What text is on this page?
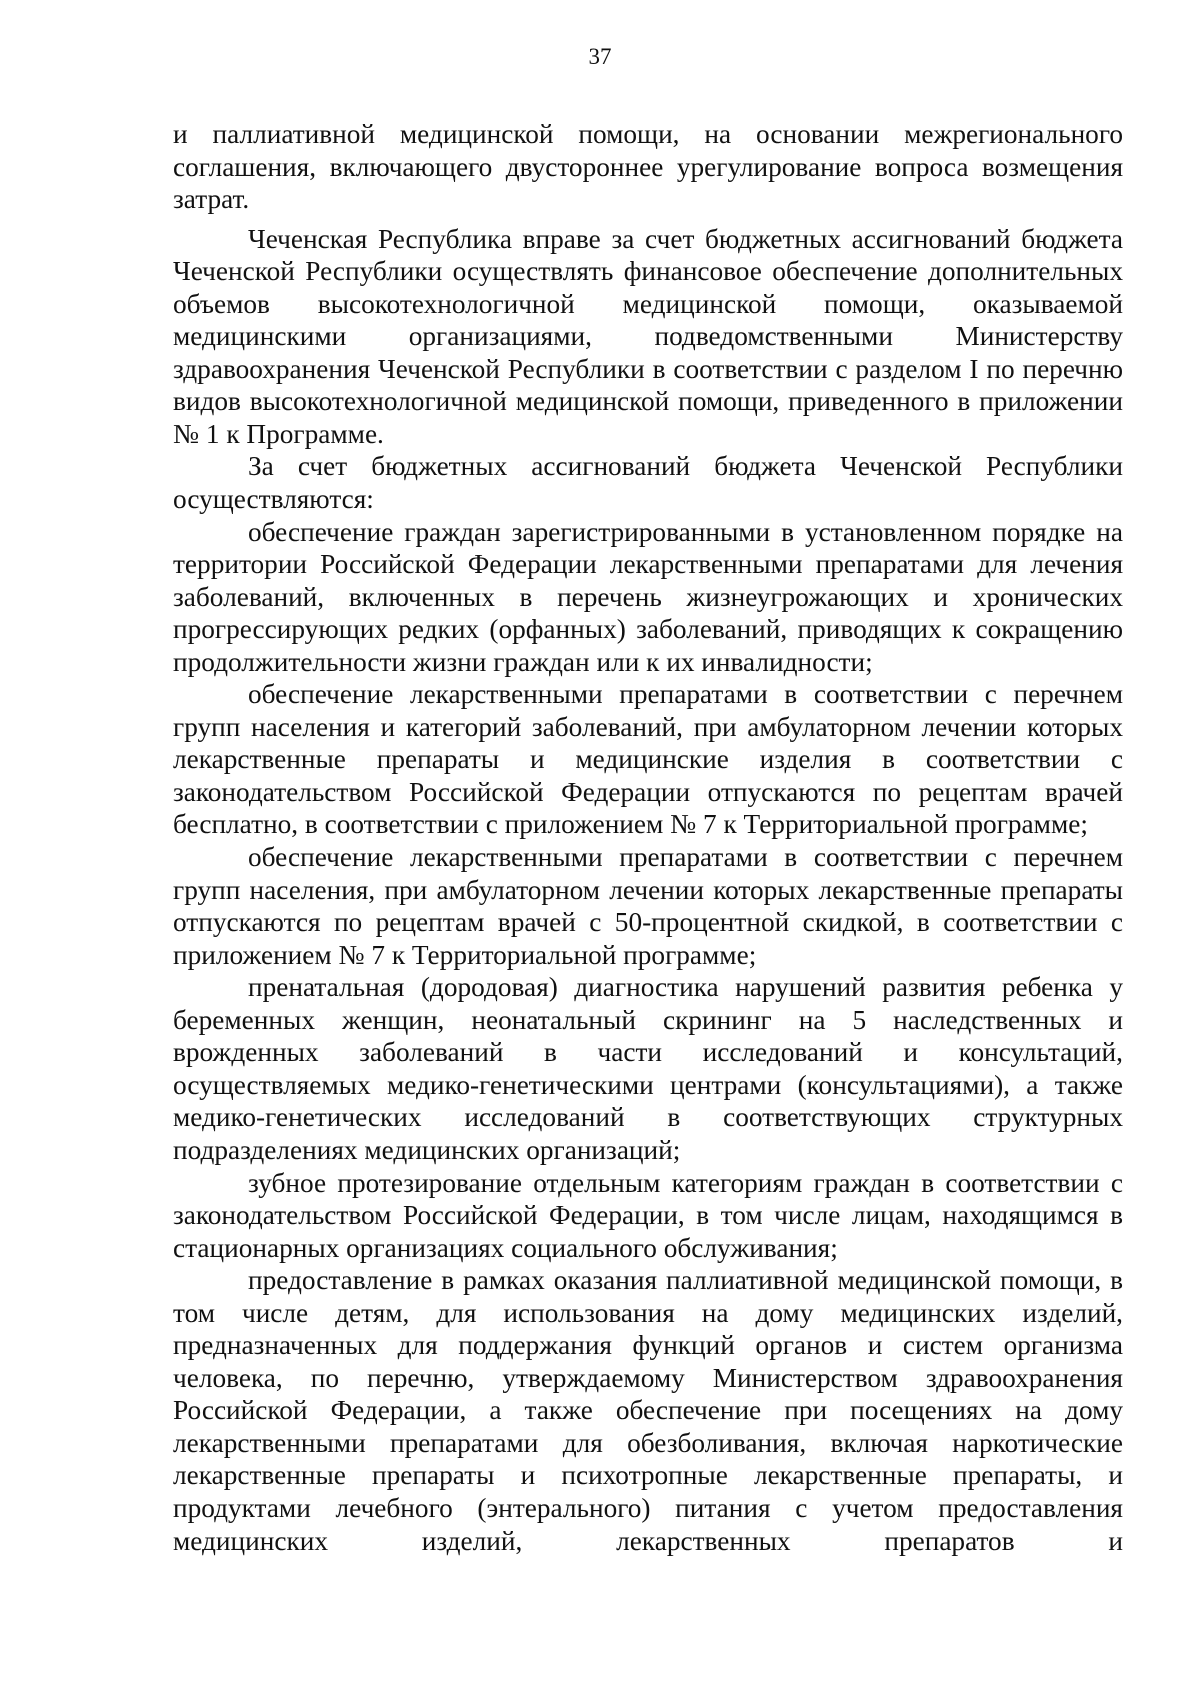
37

и паллиативной медицинской помощи, на основании межрегионального соглашения, включающего двустороннее урегулирование вопроса возмещения затрат.

Чеченская Республика вправе за счет бюджетных ассигнований бюджета Чеченской Республики осуществлять финансовое обеспечение дополнительных объемов высокотехнологичной медицинской помощи, оказываемой медицинскими организациями, подведомственными Министерству здравоохранения Чеченской Республики в соответствии с разделом I по перечню видов высокотехнологичной медицинской помощи, приведенного в приложении № 1 к Программе.

За счет бюджетных ассигнований бюджета Чеченской Республики осуществляются:

обеспечение граждан зарегистрированными в установленном порядке на территории Российской Федерации лекарственными препаратами для лечения заболеваний, включенных в перечень жизнеугрожающих и хронических прогрессирующих редких (орфанных) заболеваний, приводящих к сокращению продолжительности жизни граждан или к их инвалидности;

обеспечение лекарственными препаратами в соответствии с перечнем групп населения и категорий заболеваний, при амбулаторном лечении которых лекарственные препараты и медицинские изделия в соответствии с законодательством Российской Федерации отпускаются по рецептам врачей бесплатно, в соответствии с приложением № 7 к Территориальной программе;

обеспечение лекарственными препаратами в соответствии с перечнем групп населения, при амбулаторном лечении которых лекарственные препараты отпускаются по рецептам врачей с 50-процентной скидкой, в соответствии с приложением № 7 к Территориальной программе;

пренатальная (дородовая) диагностика нарушений развития ребенка у беременных женщин, неонатальный скрининг на 5 наследственных и врожденных заболеваний в части исследований и консультаций, осуществляемых медико-генетическими центрами (консультациями), а также медико-генетических исследований в соответствующих структурных подразделениях медицинских организаций;

зубное протезирование отдельным категориям граждан в соответствии с законодательством Российской Федерации, в том числе лицам, находящимся в стационарных организациях социального обслуживания;

предоставление в рамках оказания паллиативной медицинской помощи, в том числе детям, для использования на дому медицинских изделий, предназначенных для поддержания функций органов и систем организма человека, по перечню, утверждаемому Министерством здравоохранения Российской Федерации, а также обеспечение при посещениях на дому лекарственными препаратами для обезболивания, включая наркотические лекарственные препараты и психотропные лекарственные препараты, и продуктами лечебного (энтерального) питания с учетом предоставления медицинских изделий, лекарственных препаратов и
